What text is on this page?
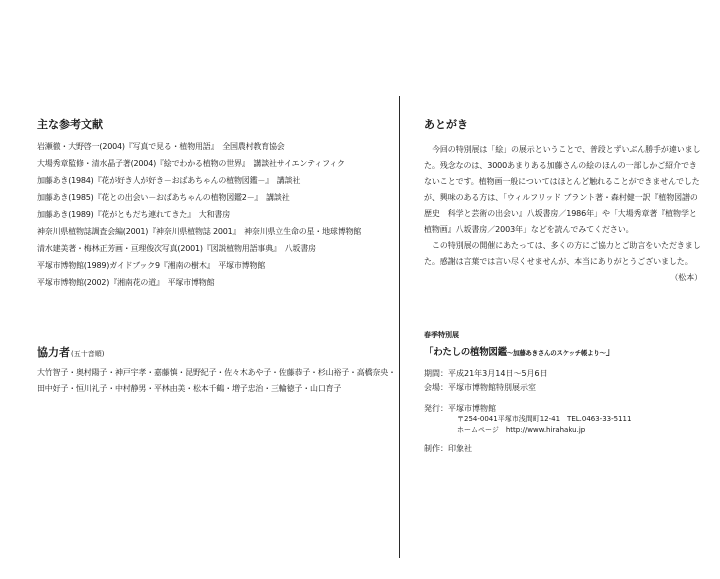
主な参考文献
岩瀬徹・大野啓一(2004)『写真で見る・植物用語』　全国農村教育協会
大場秀章監修・清水晶子著(2004)『絵でわかる植物の世界』　講談社サイエンティフィク
加藤あき(1984)『花が好き人が好き－おばあちゃんの植物図鑑－』　講談社
加藤あき(1985)『花との出会い－おばあちゃんの植物図鑑2－』　講談社
加藤あき(1989)『花がともだち連れてきた』　大和書房
神奈川県植物誌調査会編(2001)『神奈川県植物誌 2001』　神奈川県立生命の星・地球博物館
清水建美著・梅林正芳画・亘理俊次写真(2001)『図説植物用語事典』　八坂書房
平塚市博物館(1989)ガイドブック9『湘南の樹木』　平塚市博物館
平塚市博物館(2002)『湘南花の道』　平塚市博物館
協力者(五十音順)
大竹智子・奥村陽子・神戸宇孝・嘉藤慎・昆野紀子・佐々木あや子・佐藤恭子・杉山裕子・高橋奈央・
田中好子・恒川礼子・中村静男・平林由美・松本千鶴・増子忠治・三輪徳子・山口育子
あとがき

今回の特別展は「絵」の展示ということで、普段とずいぶん勝手が違いました。残念なのは、3000あまりある加藤さんの絵のほんの一部しかご紹介できないことです。植物画一般についてはほとんど触れることができませんでしたが、興味のある方は、「ウィルフリッド ブラント著・森村健一訳『植物図譜の歴史　科学と芸術の出会い』八坂書房／1986年」や「大場秀章著『植物学と植物画』八坂書房／2003年」などを読んでみてください。

この特別展の開催にあたっては、多くの方にご協力とご助言をいただきました。感謝は言葉では言い尽くせませんが、本当にありがとうございました。
（松本）

春季特別展

「わたしの植物図鑑～加藤あきさんのスケッチ帳より～」

期間：平成21年3月14日～5月6日
会場：平塚市博物館特別展示室
発行：平塚市博物館
〒254-0041平塚市浅間町12-41　TEL.0463-33-5111
ホームページ　http://www.hirahaku.jp
制作：印象社
